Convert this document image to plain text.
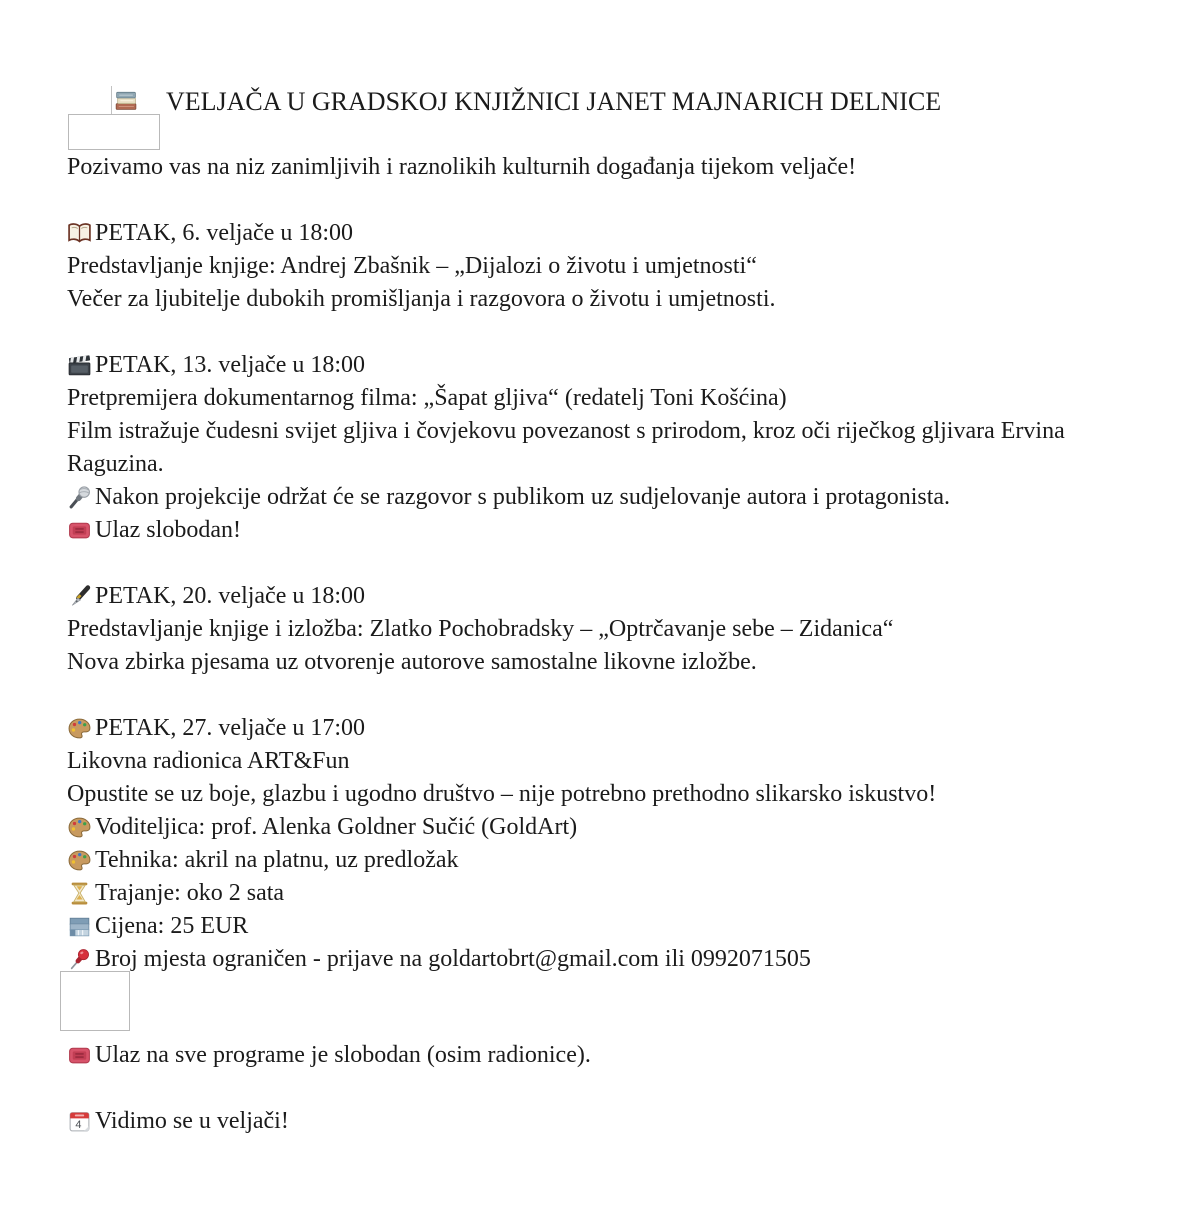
VELJAČA U GRADSKOJ KNJIŽNICI JANET MAJNARICH DELNICE
Pozivamo vas na niz zanimljivih i raznolikih kulturnih događanja tijekom veljače!
PETAK, 6. veljače u 18:00
Predstavljanje knjige: Andrej Zbašnik – „Dijalozi o životu i umjetnosti“
Večer za ljubitelje dubokih promišljanja i razgovora o životu i umjetnosti.
PETAK, 13. veljače u 18:00
Pretpremijera dokumentarnog filma: „Šapat gljiva“ (redatelj Toni Košćina)
Film istražuje čudesni svijet gljiva i čovjekovu povezanost s prirodom, kroz oči riječkog gljivara Ervina Raguzina.
Nakon projekcije održat će se razgovor s publikom uz sudjelovanje autora i protagonista.
Ulaz slobodan!
PETAK, 20. veljače u 18:00
Predstavljanje knjige i izložba: Zlatko Pochobradsky – „Optrčavanje sebe – Zidanica“
Nova zbirka pjesama uz otvorenje autorove samostalne likovne izložbe.
PETAK, 27. veljače u 17:00
Likovna radionica ART&Fun
Opustite se uz boje, glazbu i ugodno društvo – nije potrebno prethodno slikarsko iskustvo!
Voditeljica: prof. Alenka Goldner Sučić (GoldArt)
Tehnika: akril na platnu, uz predložak
Trajanje: oko 2 sata
Cijena: 25 EUR
Broj mjesta ograničen - prijave na goldartobrt@gmail.com ili 0992071505
Ulaz na sve programe je slobodan (osim radionice).
4 Vidimo se u veljači!
